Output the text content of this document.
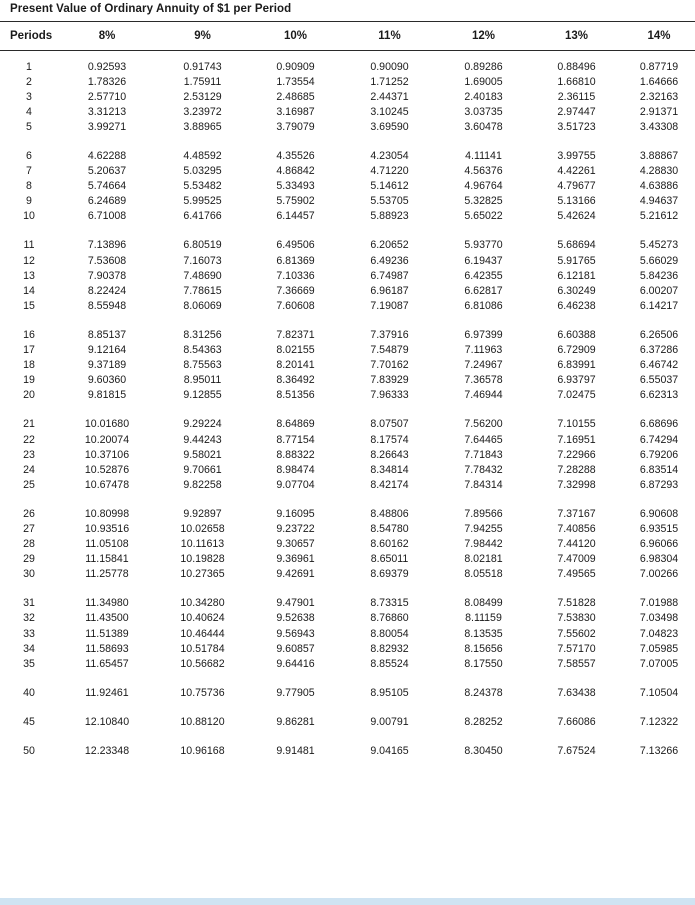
Present Value of Ordinary Annuity of $1 per Period
Periods	8%	9%	10%	11%	12%	13%	14%

1	0.92593	0.91743	0.90909	0.90090	0.89286	0.88496	0.87719
2	1.78326	1.75911	1.73554	1.71252	1.69005	1.66810	1.64666
3	2.57710	2.53129	2.48685	2.44371	2.40183	2.36115	2.32163
4	3.31213	3.23972	3.16987	3.10245	3.03735	2.97447	2.91371
5	3.99271	3.88965	3.79079	3.69590	3.60478	3.51723	3.43308

6	4.62288	4.48592	4.35526	4.23054	4.11141	3.99755	3.88867
7	5.20637	5.03295	4.86842	4.71220	4.56376	4.42261	4.28830
8	5.74664	5.53482	5.33493	5.14612	4.96764	4.79677	4.63886
9	6.24689	5.99525	5.75902	5.53705	5.32825	5.13166	4.94637
10	6.71008	6.41766	6.14457	5.88923	5.65022	5.42624	5.21612

11	7.13896	6.80519	6.49506	6.20652	5.93770	5.68694	5.45273
12	7.53608	7.16073	6.81369	6.49236	6.19437	5.91765	5.66029
13	7.90378	7.48690	7.10336	6.74987	6.42355	6.12181	5.84236
14	8.22424	7.78615	7.36669	6.96187	6.62817	6.30249	6.00207
15	8.55948	8.06069	7.60608	7.19087	6.81086	6.46238	6.14217

16	8.85137	8.31256	7.82371	7.37916	6.97399	6.60388	6.26506
17	9.12164	8.54363	8.02155	7.54879	7.11963	6.72909	6.37286
18	9.37189	8.75563	8.20141	7.70162	7.24967	6.83991	6.46742
19	9.60360	8.95011	8.36492	7.83929	7.36578	6.93797	6.55037
20	9.81815	9.12855	8.51356	7.96333	7.46944	7.02475	6.62313

21	10.01680	9.29224	8.64869	8.07507	7.56200	7.10155	6.68696
22	10.20074	9.44243	8.77154	8.17574	7.64465	7.16951	6.74294
23	10.37106	9.58021	8.88322	8.26643	7.71843	7.22966	6.79206
24	10.52876	9.70661	8.98474	8.34814	7.78432	7.28288	6.83514
25	10.67478	9.82258	9.07704	8.42174	7.84314	7.32998	6.87293

26	10.80998	9.92897	9.16095	8.48806	7.89566	7.37167	6.90608
27	10.93516	10.02658	9.23722	8.54780	7.94255	7.40856	6.93515
28	11.05108	10.11613	9.30657	8.60162	7.98442	7.44120	6.96066
29	11.15841	10.19828	9.36961	8.65011	8.02181	7.47009	6.98304
30	11.25778	10.27365	9.42691	8.69379	8.05518	7.49565	7.00266

31	11.34980	10.34280	9.47901	8.73315	8.08499	7.51828	7.01988
32	11.43500	10.40624	9.52638	8.76860	8.11159	7.53830	7.03498
33	11.51389	10.46444	9.56943	8.80054	8.13535	7.55602	7.04823
34	11.58693	10.51784	9.60857	8.82932	8.15656	7.57170	7.05985
35	11.65457	10.56682	9.64416	8.85524	8.17550	7.58557	7.07005

40	11.92461	10.75736	9.77905	8.95105	8.24378	7.63438	7.10504

45	12.10840	10.88120	9.86281	9.00791	8.28252	7.66086	7.12322

50	12.23348	10.96168	9.91481	9.04165	8.30450	7.67524	7.13266
